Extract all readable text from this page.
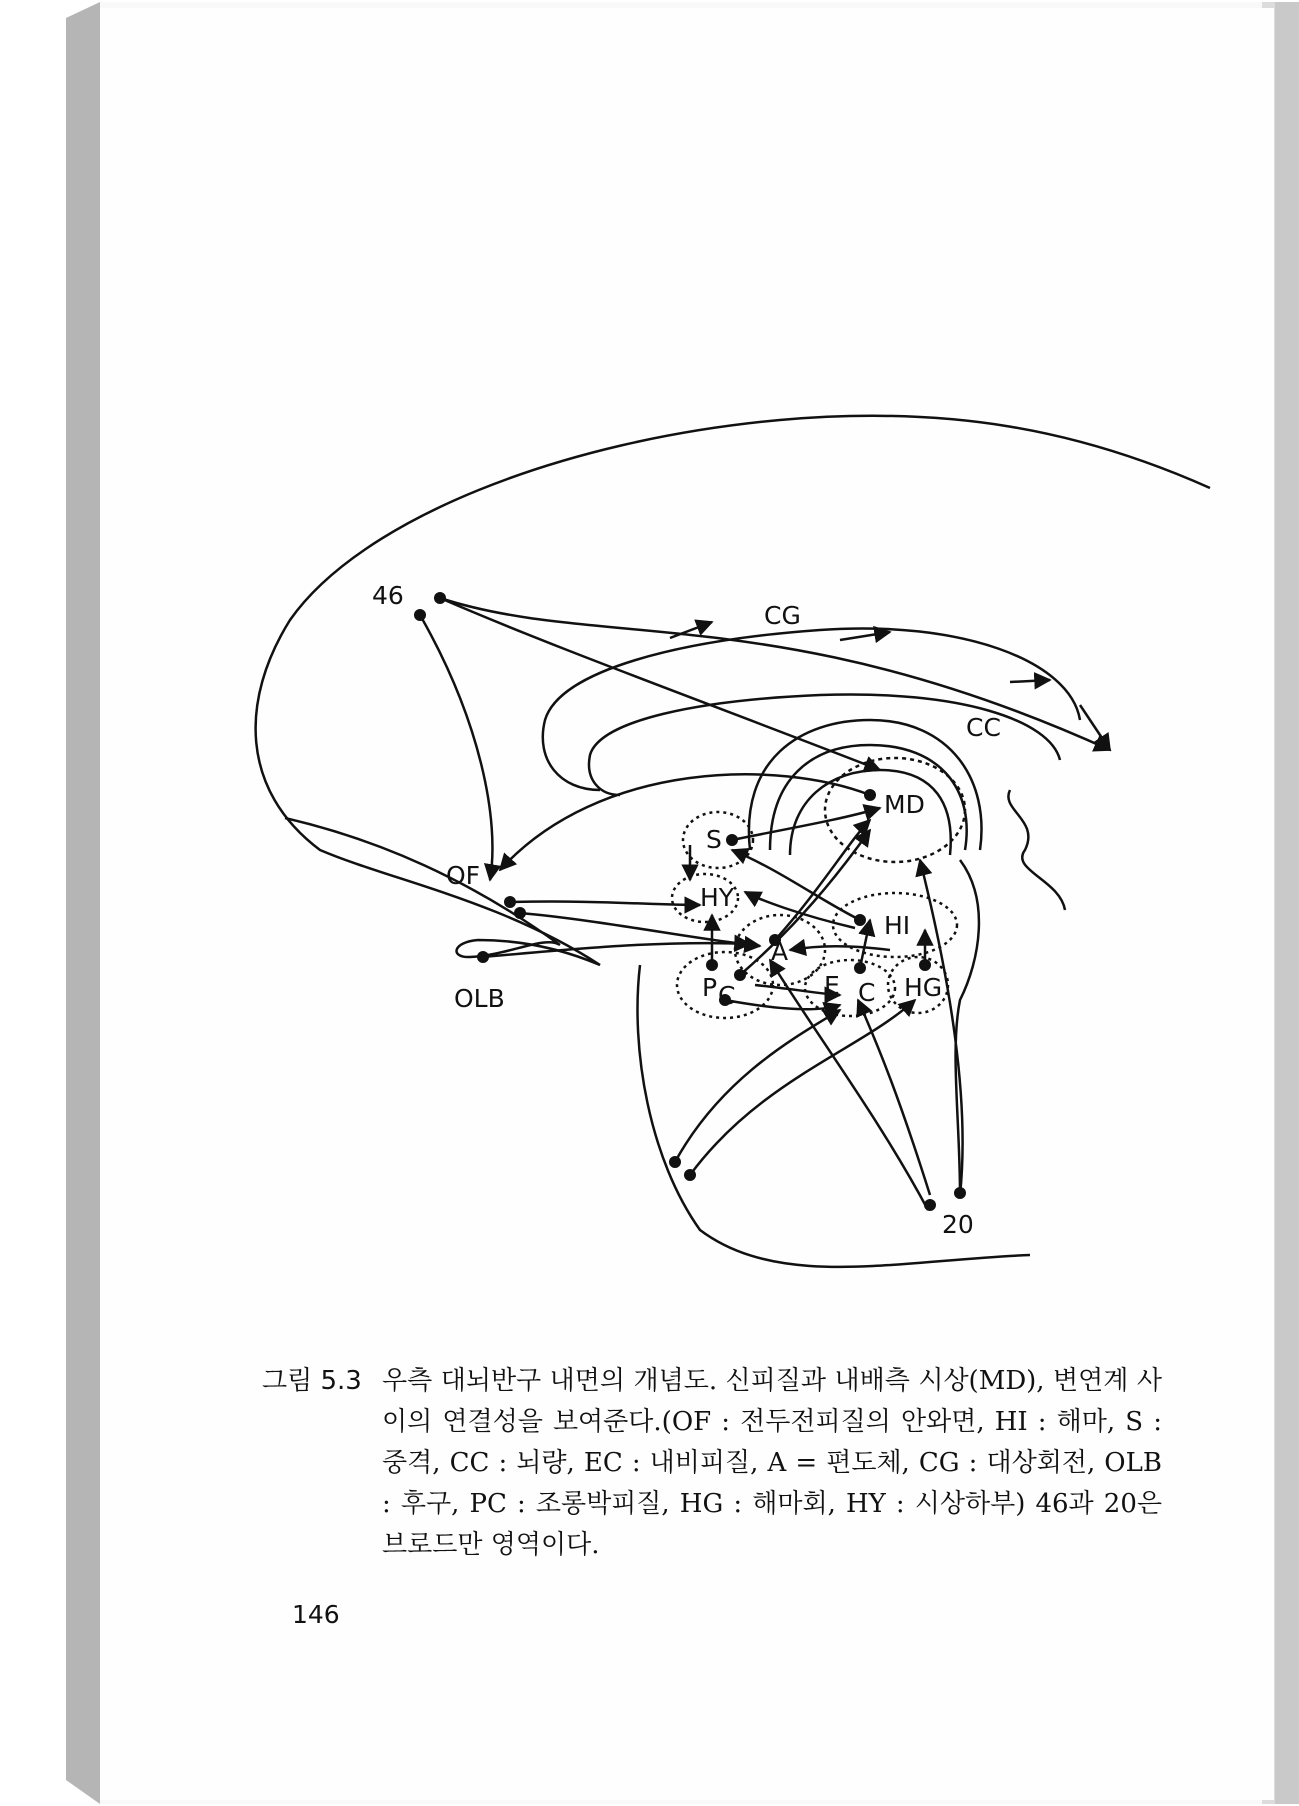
46
CG
CC
MD
S
OF
HY
HI
A
OLB	P C	E C HG
20
그림 5.3 우측 대뇌반구 내면의 개념도. 신피질과 내배측 시상(MD), 변연계 사이의 연결성을 보여준다.(OF : 전두전피질의 안와면, HI : 해마, S : 중격, CC : 뇌량, EC : 내비피질, A = 편도체, CG : 대상회전, OLB : 후구, PC : 조롱박피질, HG : 해마회, HY : 시상하부) 46과 20은 브로드만 영역이다.
146
